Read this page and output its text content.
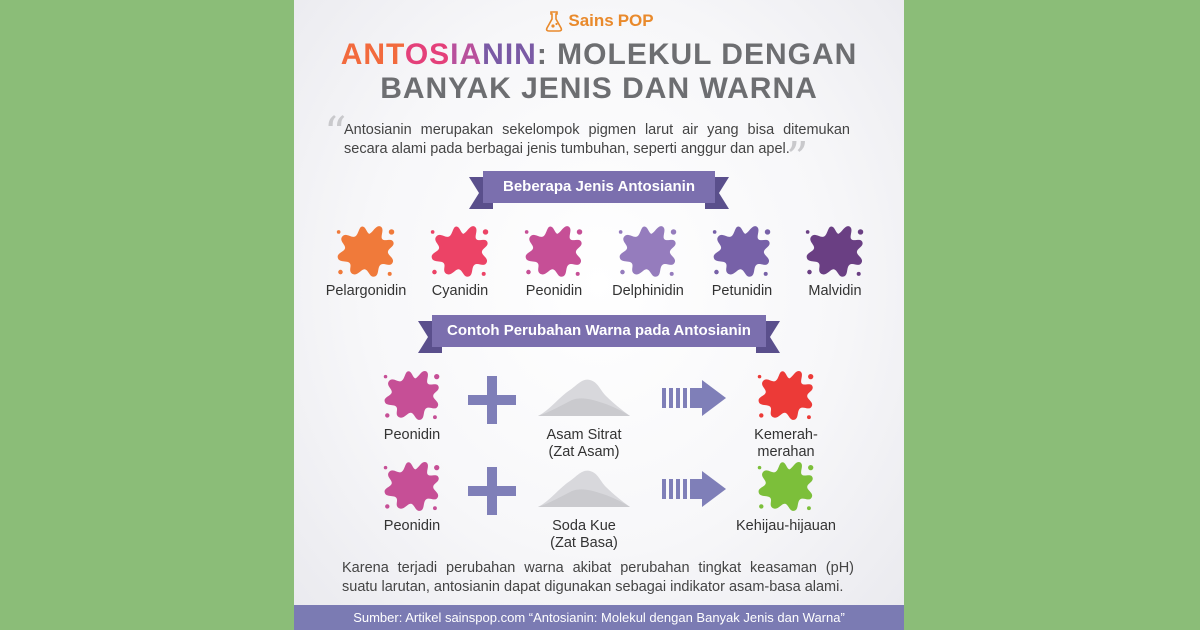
Sains POP
ANTOSIANIN: MOLEKUL DENGAN
BANYAK JENIS DAN WARNA
“
Antosianin merupakan sekelompok pigmen larut air yang bisa ditemukan secara alami pada berbagai jenis tumbuhan, seperti anggur dan apel.
”
Beberapa Jenis Antosianin
Pelargonidin	Cyanidin	Peonidin	Delphinidin	Petunidin	Malvidin
Contoh Perubahan Warna pada Antosianin
Peonidin	Asam Sitrat
(Zat Asam)
Kemerah-merahan
Peonidin	Soda Kue
(Zat Basa)
Kehijau-hijauan
Karena terjadi perubahan warna akibat perubahan tingkat keasaman (pH) suatu larutan, antosianin dapat digunakan sebagai indikator asam-basa alami.
Sumber: Artikel sainspop.com “Antosianin: Molekul dengan Banyak Jenis dan Warna”
